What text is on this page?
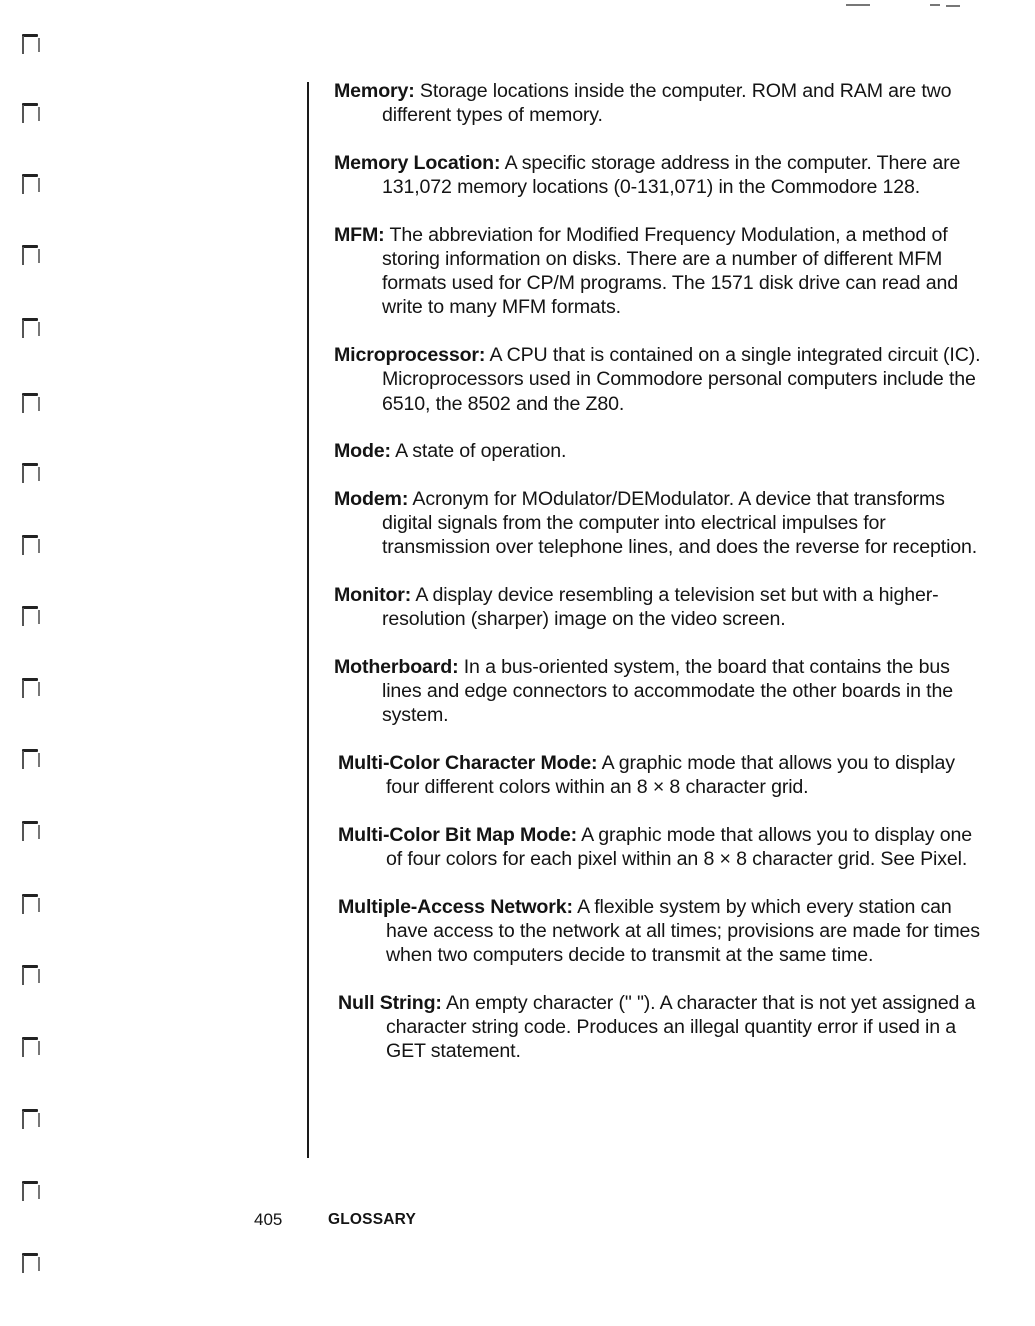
Memory: Storage locations inside the computer. ROM and RAM are two different types of memory.

Memory Location: A specific storage address in the computer. There are 131,072 memory locations (0-131,071) in the Commodore 128.

MFM: The abbreviation for Modified Frequency Modulation, a method of storing information on disks. There are a number of different MFM formats used for CP/M programs. The 1571 disk drive can read and write to many MFM formats.

Microprocessor: A CPU that is contained on a single integrated circuit (IC). Microprocessors used in Commodore personal computers include the 6510, the 8502 and the Z80.

Mode: A state of operation.

Modem: Acronym for MOdulator/DEModulator. A device that transforms digital signals from the computer into electrical impulses for transmission over telephone lines, and does the reverse for reception.

Monitor: A display device resembling a television set but with a higher-resolution (sharper) image on the video screen.

Motherboard: In a bus-oriented system, the board that contains the bus lines and edge connectors to accommodate the other boards in the system.

Multi-Color Character Mode: A graphic mode that allows you to display four different colors within an 8 × 8 character grid.

Multi-Color Bit Map Mode: A graphic mode that allows you to display one of four colors for each pixel within an 8 × 8 character grid. See Pixel.

Multiple-Access Network: A flexible system by which every station can have access to the network at all times; provisions are made for times when two computers decide to transmit at the same time.

Null String: An empty character (" "). A character that is not yet assigned a character string code. Produces an illegal quantity error if used in a GET statement.

405	GLOSSARY
